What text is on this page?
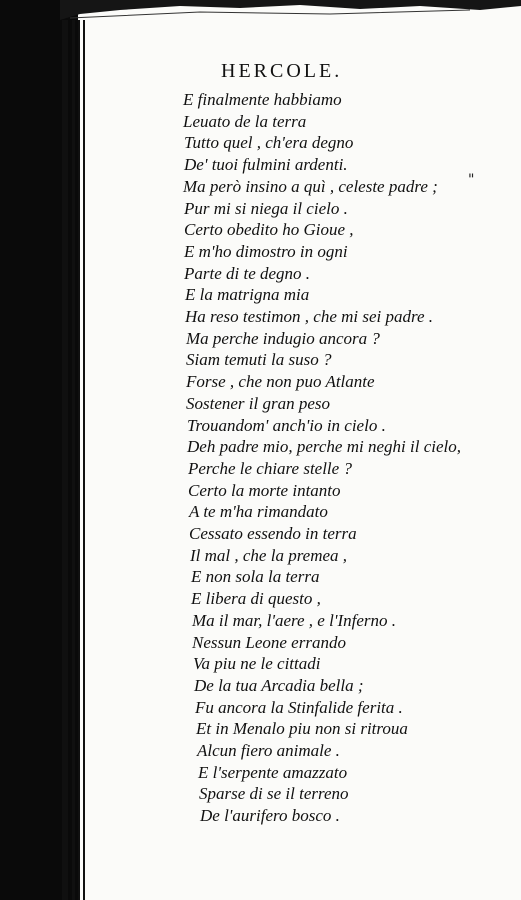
HERCOLE.
E finalmente habbiamo
Leuato de la terra
Tutto quel , ch'era degno
De' tuoi fulmini ardenti.
Ma però insino a quì , celeste padre ;
Pur mi si niega il cielo .
Certo obedito ho Gioue ,
E m'ho dimostro in ogni
Parte di te degno .
E la matrigna mia
Ha reso testimon , che mi sei padre .
Ma perche indugio ancora ?
Siam temuti la suso ?
Forse , che non puo Atlante
Sostener il gran peso
Trouandom' anch'io in cielo .
Deh padre mio, perche mi neghi il cielo,
Perche le chiare stelle ?
Certo la morte intanto
A te m'ha rimandato
Cessato essendo in terra
Il mal , che la premea ,
E non sola la terra
E libera di questo ,
Ma il mar, l'aere , e l'Inferno .
Nessun Leone errando
Va piu ne le cittadi
De la tua Arcadia bella ;
Fu ancora la Stinfalide ferita .
Et in Menalo piu non si ritroua
Alcun fiero animale .
E l'serpente amazzato
Sparse di se il terreno
De l'aurifero bosco .
"
